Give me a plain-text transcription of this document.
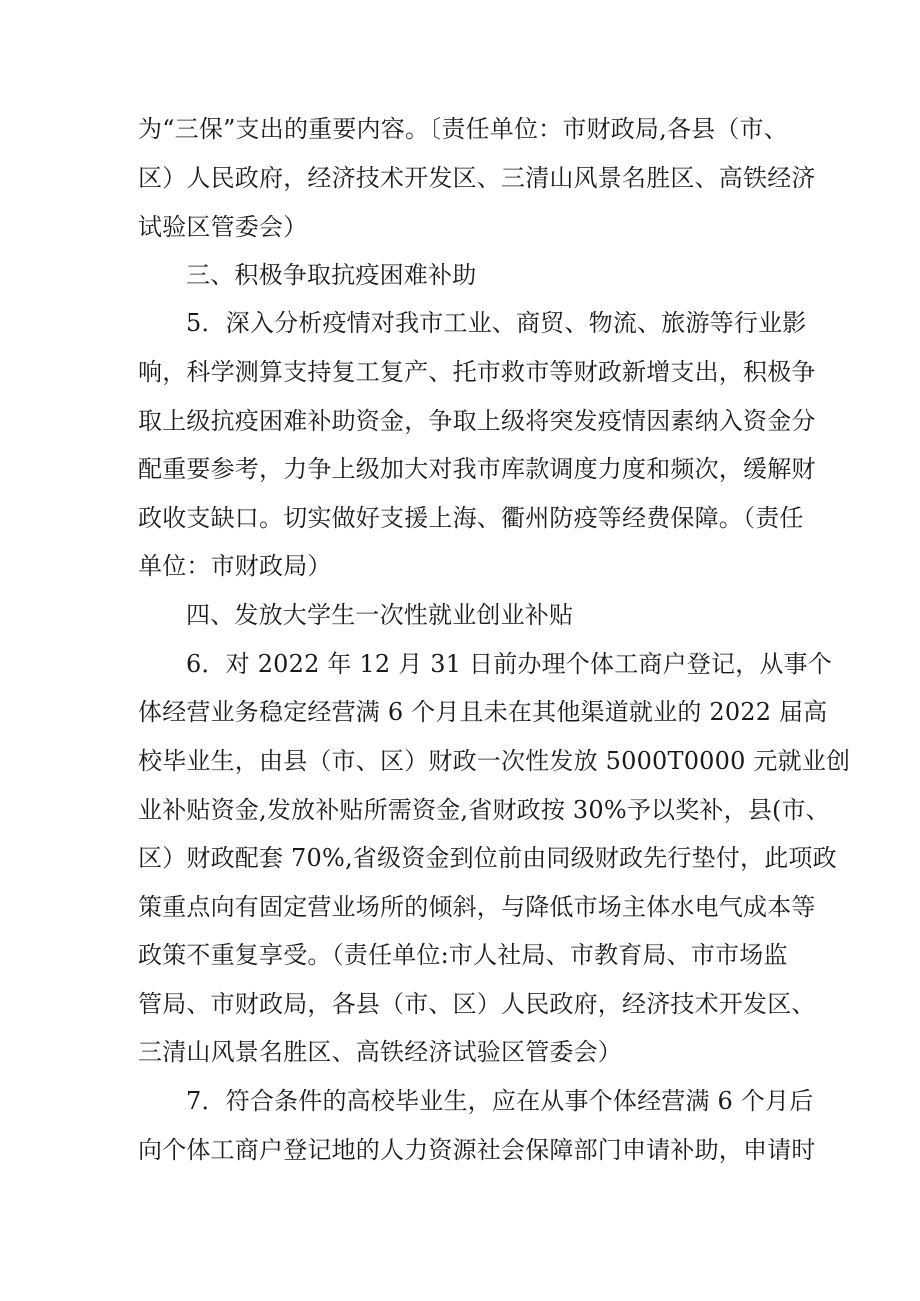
为“三保”支出的重要内容。〔责任单位：市财政局,各县（市、
区）人民政府，经济技术开发区、三清山风景名胜区、高铁经济
试验区管委会）
三、积极争取抗疫困难补助
5．深入分析疫情对我市工业、商贸、物流、旅游等行业影
响，科学测算支持复工复产、托市救市等财政新增支出，积极争
取上级抗疫困难补助资金，争取上级将突发疫情因素纳入资金分
配重要参考，力争上级加大对我市库款调度力度和频次，缓解财
政收支缺口。切实做好支援上海、衢州防疫等经费保障。（责任
单位：市财政局）
四、发放大学生一次性就业创业补贴
6．对 2022 年 12 月 31 日前办理个体工商户登记，从事个
体经营业务稳定经营满 6 个月且未在其他渠道就业的 2022 届高
校毕业生，由县（市、区）财政一次性发放 5000T0000 元就业创
业补贴资金,发放补贴所需资金,省财政按 30%予以奖补，县(市、
区）财政配套 70%,省级资金到位前由同级财政先行垫付，此项政
策重点向有固定营业场所的倾斜，与降低市场主体水电气成本等
政策不重复享受。（责任单位:市人社局、市教育局、市市场监
管局、市财政局，各县（市、区）人民政府，经济技术开发区、
三清山风景名胜区、高铁经济试验区管委会）
7．符合条件的高校毕业生，应在从事个体经营满 6 个月后
向个体工商户登记地的人力资源社会保障部门申请补助，申请时
